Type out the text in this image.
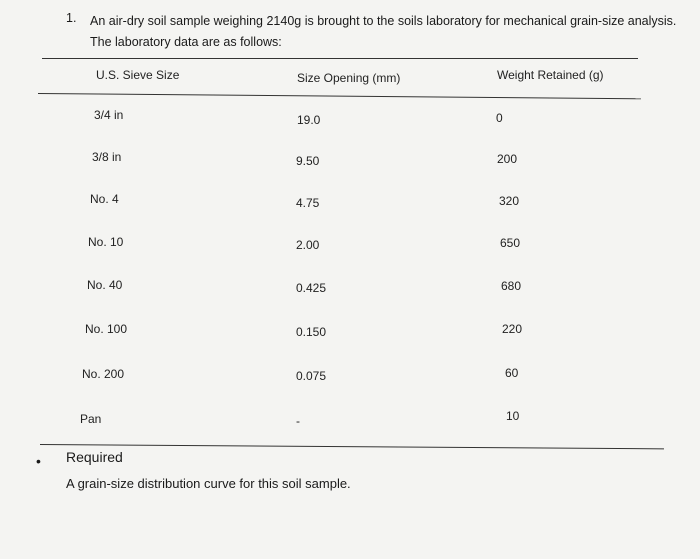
1. An air-dry soil sample weighing 2140g is brought to the soils laboratory for mechanical grain-size analysis.
The laboratory data are as follows:
U.S. Sieve Size	Size Opening (mm)	Weight Retained (g)
3/4 in	19.0	0
3/8 in	9.50	200
No. 4	4.75	320
No. 10	2.00	650
No. 40	0.425	680
No. 100	0.150	220
No. 200	0.075	60
Pan	-	10
• Required
A grain-size distribution curve for this soil sample.
